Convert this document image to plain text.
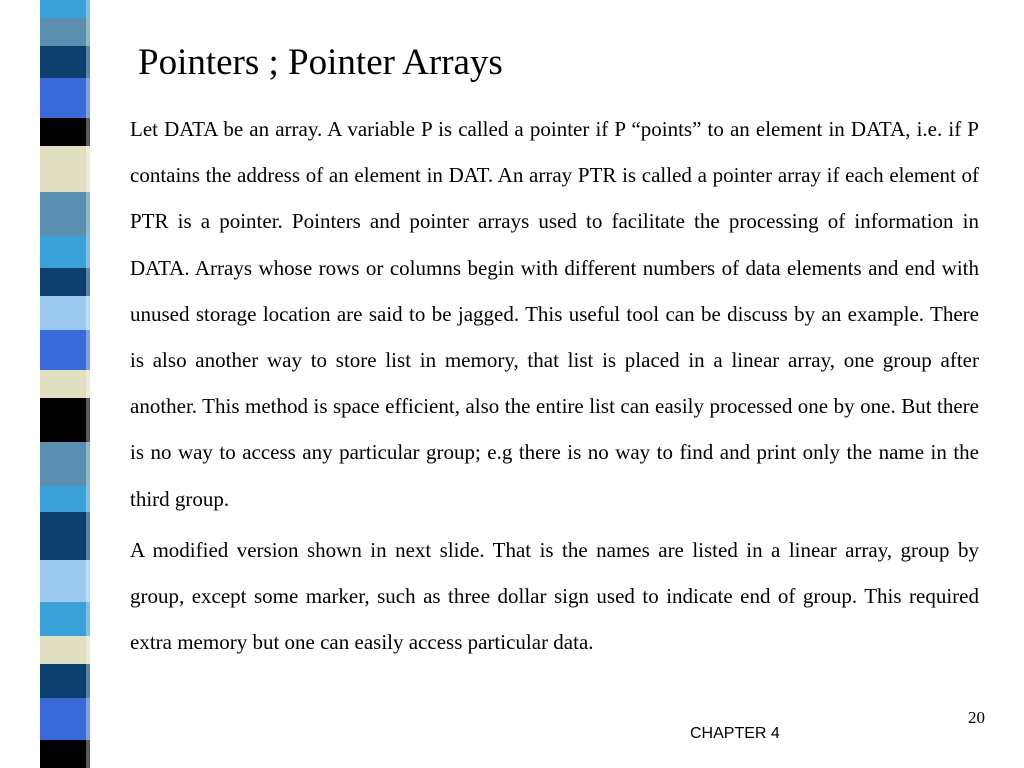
Pointers ; Pointer Arrays

Let DATA be an array. A variable P is called a pointer if P “points” to an element in DATA, i.e. if P contains the address of an element in DAT. An array PTR is called a pointer array if each element of PTR is a pointer. Pointers and pointer arrays used to facilitate the processing of information in DATA. Arrays whose rows or columns begin with different numbers of data elements and end with unused storage location are said to be jagged. This useful tool can be discuss by an example. There is also another way to store list in memory, that list is placed in a linear array, one group after another. This method is space efficient, also the entire list can easily processed one by one. But there is no way to access any particular group; e.g there is no way to find and print only the name in the third group.

A modified version shown in next slide. That is the names are listed in a linear array, group by group, except some marker, such as three dollar sign used to indicate end of group. This required extra memory but one can easily access particular data.

20
CHAPTER 4
